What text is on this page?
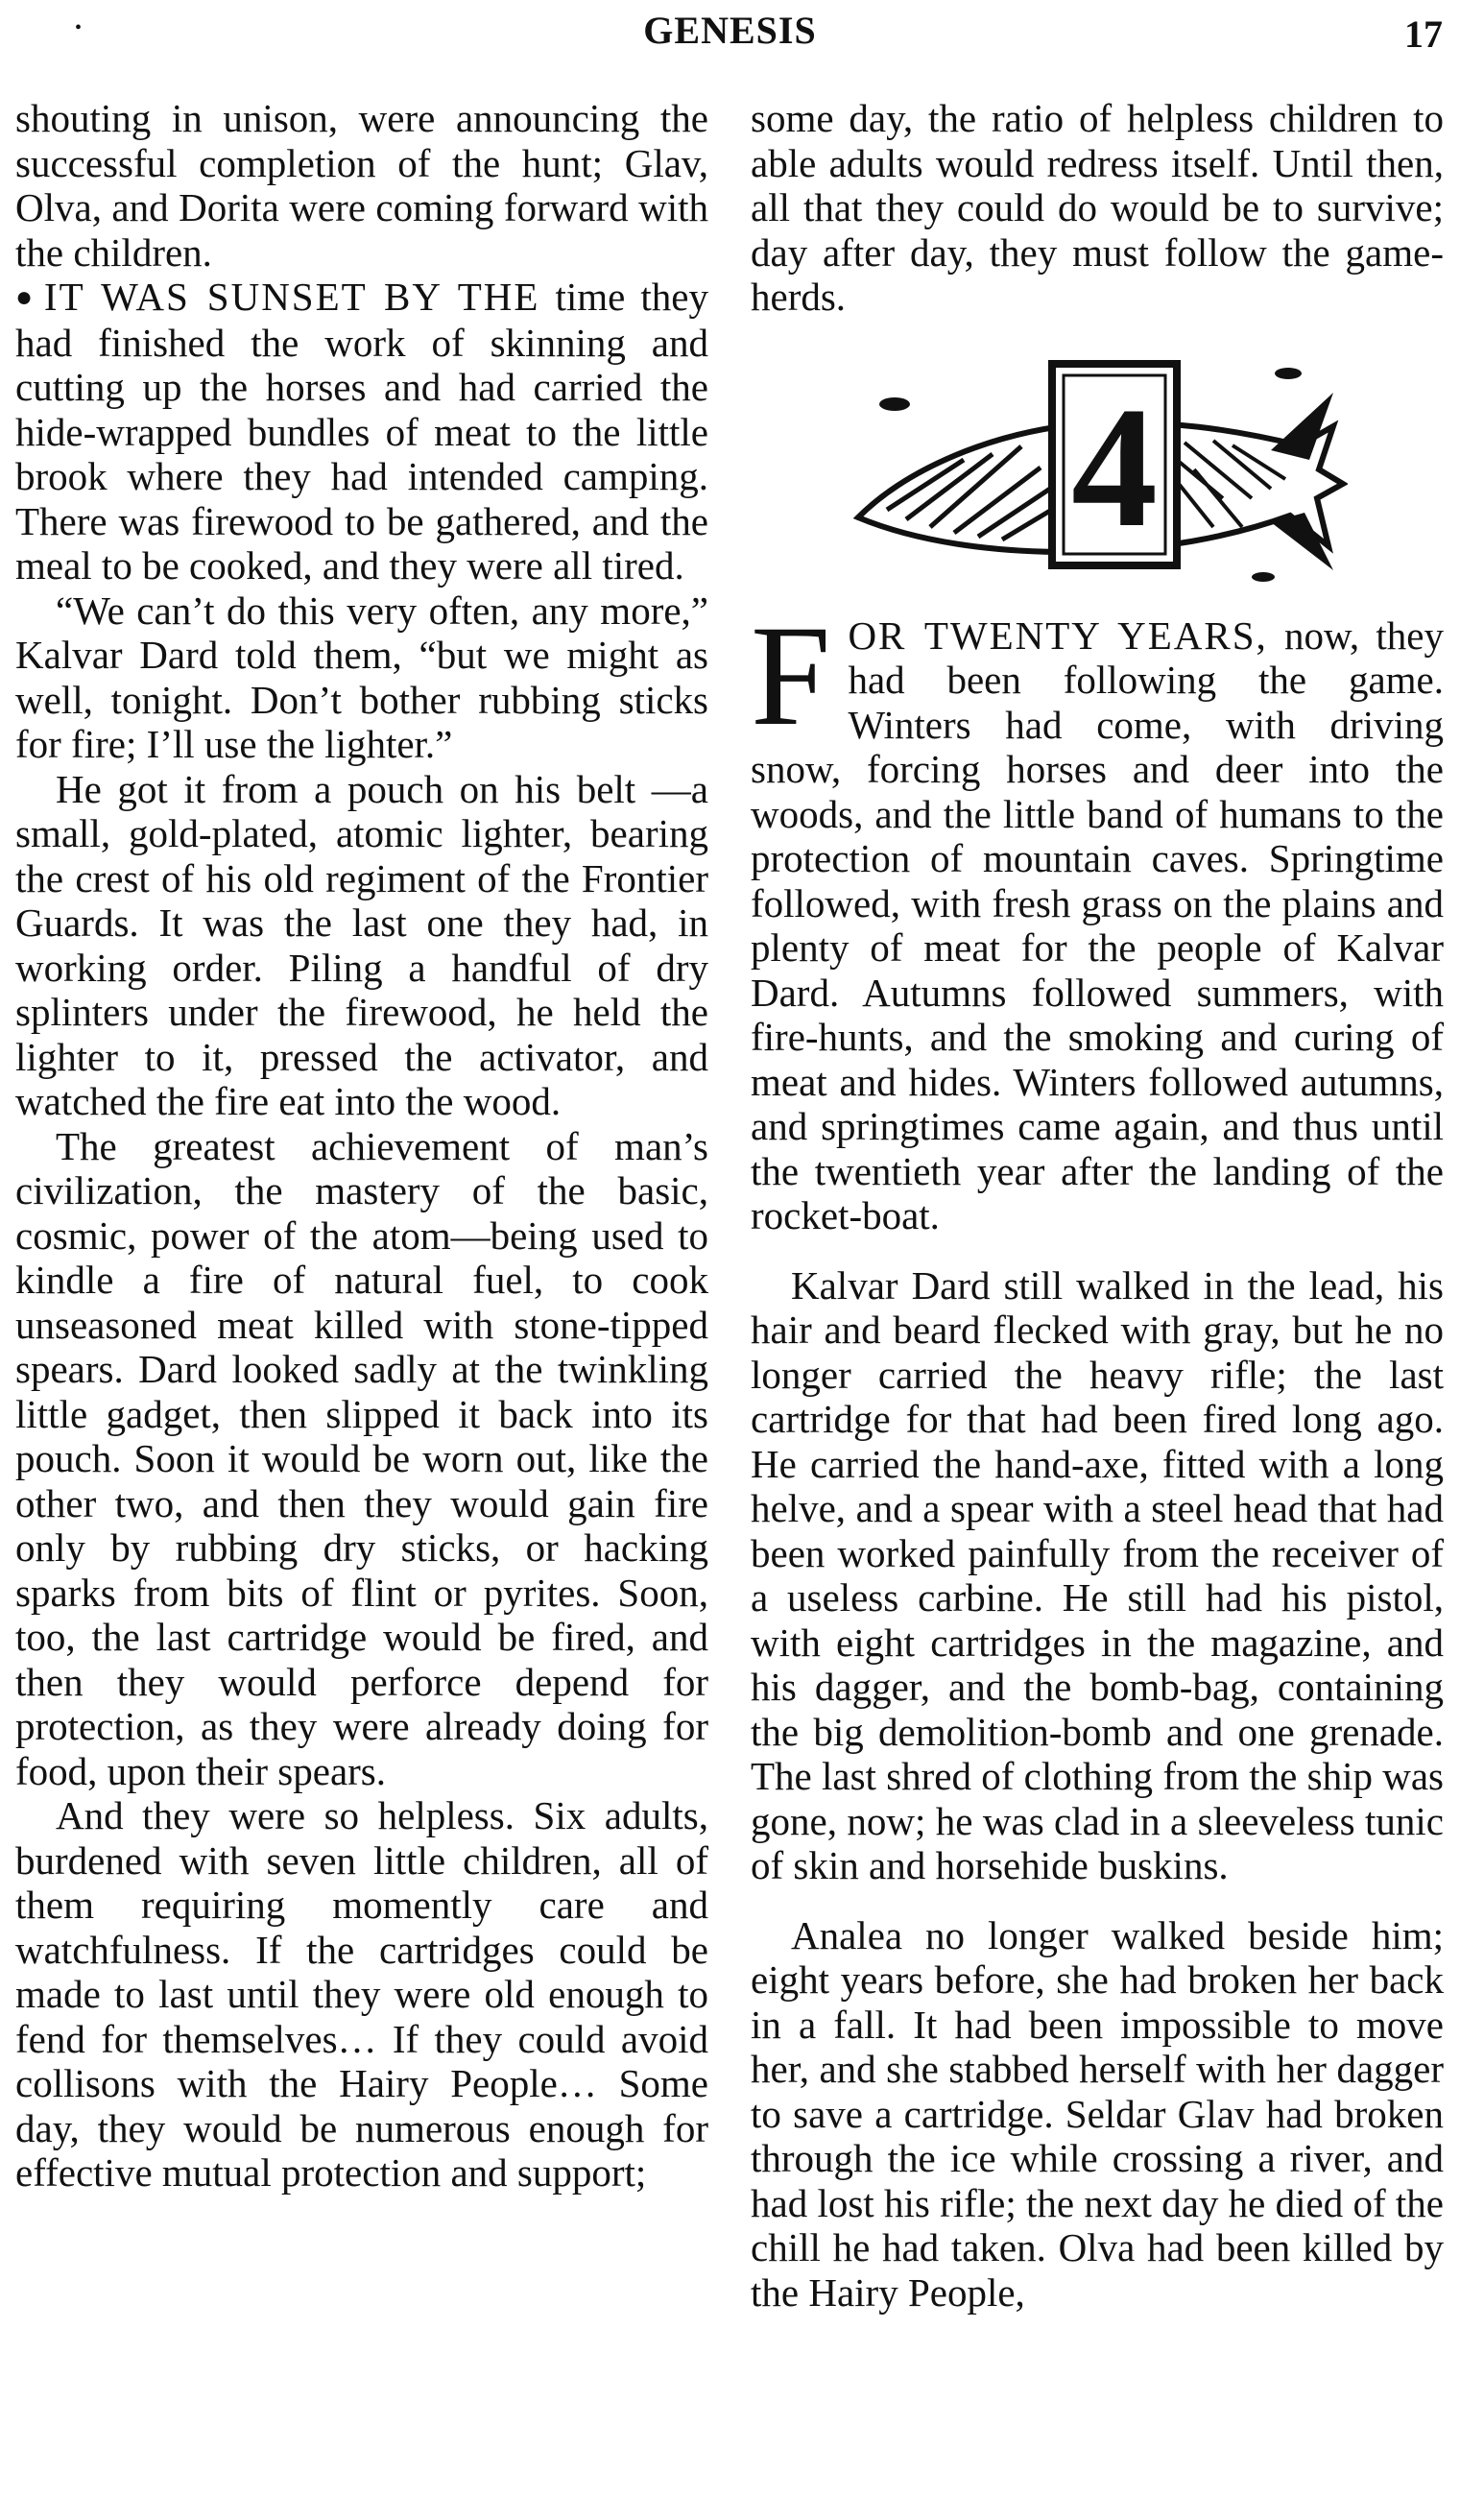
•	GENESIS	17

shouting in unison, were announcing the successful completion of the hunt; Glav, Olva, and Dorita were coming forward with the children.

● IT WAS SUNSET BY THE time they had finished the work of skinning and cutting up the horses and had carried the hide-wrapped bundles of meat to the little brook where they had intended camping. There was firewood to be gathered, and the meal to be cooked, and they were all tired.

“We can’t do this very often, any more,” Kalvar Dard told them, “but we might as well, tonight. Don’t bother rubbing sticks for fire; I’ll use the lighter.”

He got it from a pouch on his belt —a small, gold-plated, atomic lighter, bearing the crest of his old regiment of the Frontier Guards. It was the last one they had, in working order. Piling a handful of dry splinters under the firewood, he held the lighter to it, pressed the activator, and watched the fire eat into the wood.

The greatest achievement of man’s civilization, the mastery of the basic, cosmic, power of the atom—being used to kindle a fire of natural fuel, to cook unseasoned meat killed with stone-tipped spears. Dard looked sadly at the twinkling little gadget, then slipped it back into its pouch. Soon it would be worn out, like the other two, and then they would gain fire only by rubbing dry sticks, or hacking sparks from bits of flint or pyrites. Soon, too, the last cartridge would be fired, and then they would perforce depend for protection, as they were already doing for food, upon their spears.

And they were so helpless. Six adults, burdened with seven little children, all of them requiring momently care and watchfulness. If the cartridges could be made to last until they were old enough to fend for themselves… If they could avoid collisons with the Hairy People… Some day, they would be numerous enough for effective mutual protection and support;

some day, the ratio of helpless children to able adults would redress itself. Until then, all that they could do would be to survive; day after day, they must follow the game-herds.

4

FOR TWENTY YEARS, now, they had been following the game. Winters had come, with driving snow, forcing horses and deer into the woods, and the little band of humans to the protection of mountain caves. Springtime followed, with fresh grass on the plains and plenty of meat for the people of Kalvar Dard. Autumns followed summers, with fire-hunts, and the smoking and curing of meat and hides. Winters followed autumns, and springtimes came again, and thus until the twentieth year after the landing of the rocket-boat.

Kalvar Dard still walked in the lead, his hair and beard flecked with gray, but he no longer carried the heavy rifle; the last cartridge for that had been fired long ago. He carried the hand-axe, fitted with a long helve, and a spear with a steel head that had been worked painfully from the receiver of a useless carbine. He still had his pistol, with eight cartridges in the magazine, and his dagger, and the bomb-bag, containing the big demolition-bomb and one grenade. The last shred of clothing from the ship was gone, now; he was clad in a sleeveless tunic of skin and horsehide buskins.

Analea no longer walked beside him; eight years before, she had broken her back in a fall. It had been impossible to move her, and she stabbed herself with her dagger to save a cartridge. Seldar Glav had broken through the ice while crossing a river, and had lost his rifle; the next day he died of the chill he had taken. Olva had been killed by the Hairy People,
